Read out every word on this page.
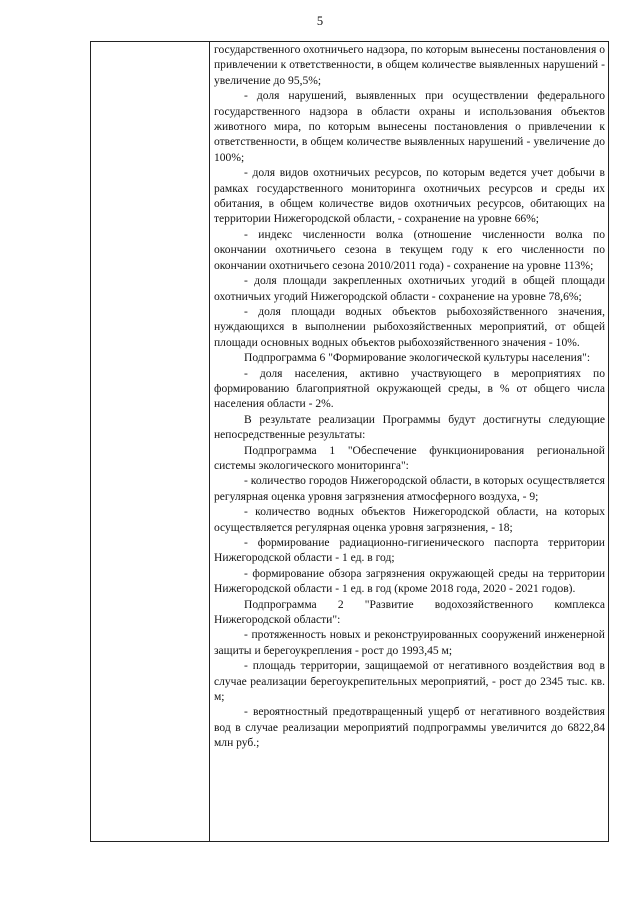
5

государственного охотничьего надзора, по которым вынесены постановления о привлечении к ответственности, в общем количестве выявленных нарушений - увеличение до 95,5%;

- доля нарушений, выявленных при осуществлении федерального государственного надзора в области охраны и использования объектов животного мира, по которым вынесены постановления о привлечении к ответственности, в общем количестве выявленных нарушений - увеличение до 100%;

- доля видов охотничьих ресурсов, по которым ведется учет добычи в рамках государственного мониторинга охотничьих ресурсов и среды их обитания, в общем количестве видов охотничьих ресурсов, обитающих на территории Нижегородской области, - сохранение на уровне 66%;

- индекс численности волка (отношение численности волка по окончании охотничьего сезона в текущем году к его численности по окончании охотничьего сезона 2010/2011 года) - сохранение на уровне 113%;

- доля площади закрепленных охотничьих угодий в общей площади охотничьих угодий Нижегородской области - сохранение на уровне 78,6%;

- доля площади водных объектов рыбохозяйственного значения, нуждающихся в выполнении рыбохозяйственных мероприятий, от общей площади основных водных объектов рыбохозяйственного значения - 10%.

Подпрограмма 6 "Формирование экологической культуры населения":

- доля населения, активно участвующего в мероприятиях по формированию благоприятной окружающей среды, в % от общего числа населения области - 2%.

В результате реализации Программы будут достигнуты следующие непосредственные результаты:

Подпрограмма 1 "Обеспечение функционирования региональной системы экологического мониторинга":

- количество городов Нижегородской области, в которых осуществляется регулярная оценка уровня загрязнения атмосферного воздуха, - 9;

- количество водных объектов Нижегородской области, на которых осуществляется регулярная оценка уровня загрязнения, - 18;

- формирование радиационно-гигиенического паспорта территории Нижегородской области - 1 ед. в год;

- формирование обзора загрязнения окружающей среды на территории Нижегородской области - 1 ед. в год (кроме 2018 года, 2020 - 2021 годов).

Подпрограмма 2 "Развитие водохозяйственного комплекса Нижегородской области":

- протяженность новых и реконструированных сооружений инженерной защиты и берегоукрепления - рост до 1993,45 м;

- площадь территории, защищаемой от негативного воздействия вод в случае реализации берегоукрепительных мероприятий, - рост до 2345 тыс. кв. м;

- вероятностный предотвращенный ущерб от негативного воздействия вод в случае реализации мероприятий подпрограммы увеличится до 6822,84 млн руб.;
